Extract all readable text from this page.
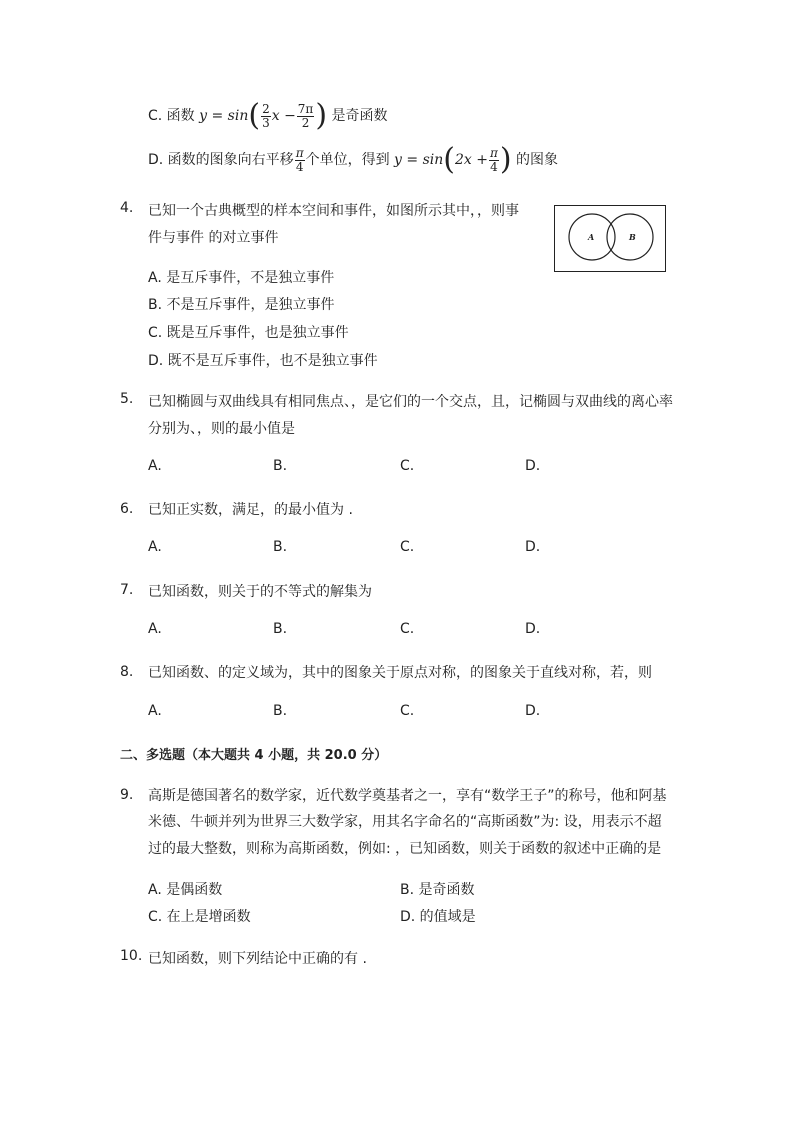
C. 函数 $y = \sin( \frac{2}{3}$ $x - \frac{7\pi}{2}$ ) 是奇函数
D. 函数的图象向右平移 $\frac{\pi}{4}$ 个单位，得到 $y = \sin(2x + \frac{\pi}{4}$ ) 的图象
4. 已知一个古典概型的样本空间和事件，如图所示其中，，则事
件与事件 的对立事件	A	B
A. 是互斥事件，不是独立事件
B. 不是互斥事件，是独立事件
C. 既是互斥事件，也是独立事件
D. 既不是互斥事件，也不是独立事件
5. 已知椭圆与双曲线具有相同焦点、，是它们的一个交点，且，记椭圆与双曲线的离心率
分别为、，则的最小值是
A.	B.	C.	D.
6. 已知正实数，满足，的最小值为 .
A.	B.	C.	D.
7. 已知函数，则关于的不等式的解集为
A.	B.	C.	D.
8. 已知函数、的定义域为，其中的图象关于原点对称，的图象关于直线对称，若，则
A.	B.	C.	D.
二、多选题（本大题共 4 小题，共 20.0 分）
9. 高斯是德国著名的数学家，近代数学奠基者之一，享有“数学王子”的称号，他和阿基
米德、牛顿并列为世界三大数学家，用其名字命名的“高斯函数”为: 设，用表示不超
过的最大整数，则称为高斯函数，例如: ，已知函数，则关于函数的叙述中正确的是
A. 是偶函数	B. 是奇函数
C. 在上是增函数	D. 的值域是
10. 已知函数，则下列结论中正确的有 .
